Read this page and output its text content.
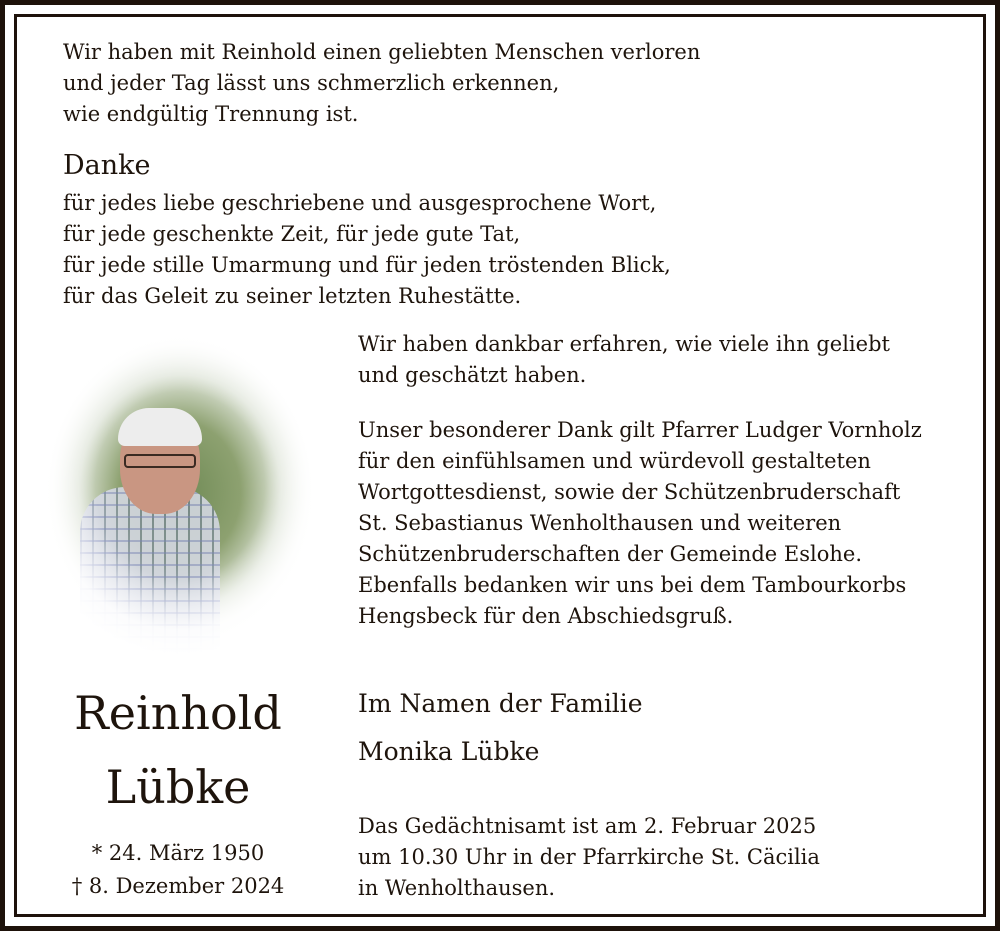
Wir haben mit Reinhold einen geliebten Menschen verloren
und jeder Tag lässt uns schmerzlich erkennen,
wie endgültig Trennung ist.
Danke
für jedes liebe geschriebene und ausgesprochene Wort,
für jede geschenkte Zeit, für jede gute Tat,
für jede stille Umarmung und für jeden tröstenden Blick,
für das Geleit zu seiner letzten Ruhestätte.
Wir haben dankbar erfahren, wie viele ihn geliebt
und geschätzt haben.
Unser besonderer Dank gilt Pfarrer Ludger Vornholz
für den einfühlsamen und würdevoll gestalteten
Wortgottesdienst, sowie der Schützenbruderschaft
St. Sebastianus Wenholthausen und weiteren
Schützenbruderschaften der Gemeinde Eslohe.
Ebenfalls bedanken wir uns bei dem Tambourkorbs
Hengsbeck für den Abschiedsgruß.
Reinhold
Lübke
* 24. März 1950
† 8. Dezember 2024
Im Namen der Familie
Monika Lübke
Das Gedächtnisamt ist am 2. Februar 2025
um 10.30 Uhr in der Pfarrkirche St. Cäcilia
in Wenholthausen.
